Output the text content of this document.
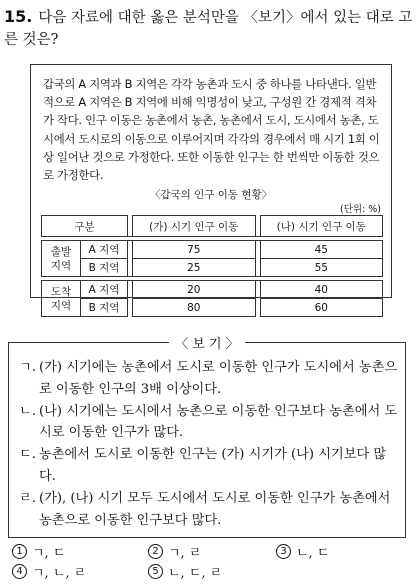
15. 다음 자료에 대한 옳은 분석만을 〈보기〉에서 있는 대로 고른 것은?
갑국의 A 지역과 B 지역은 각각 농촌과 도시 중 하나를 나타낸다. 일반적으로 A 지역은 B 지역에 비해 익명성이 낮고, 구성원 간 경제적 격차가 작다. 인구 이동은 농촌에서 농촌, 농촌에서 도시, 도시에서 농촌, 도시에서 도시로의 이동으로 이루어지며 각각의 경우에서 매 시기 1회 이상 일어난 것으로 가정한다. 또한 이동한 인구는 한 번씩만 이동한 것으로 가정한다.
〈갑국의 인구 이동 현황〉
(단위: %)
구분			(가) 시기 인구 이동		(나) 시기 인구 이동

출발
지역	A 지역		75		45
	B 지역		25		55

도착
지역	A 지역		20		40
	B 지역		80		60
〈 보 기 〉
ㄱ. (가) 시기에는 농촌에서 도시로 이동한 인구가 도시에서 농촌으로 이동한 인구의 3배 이상이다.
ㄴ. (나) 시기에는 도시에서 농촌으로 이동한 인구보다 농촌에서 도시로 이동한 인구가 많다.
ㄷ. 농촌에서 도시로 이동한 인구는 (가) 시기가 (나) 시기보다 많다.
ㄹ. (가), (나) 시기 모두 도시에서 도시로 이동한 인구가 농촌에서 농촌으로 이동한 인구보다 많다.
1 ㄱ, ㄷ	2 ㄱ, ㄹ	3 ㄴ, ㄷ
4 ㄱ, ㄴ, ㄹ	5 ㄴ, ㄷ, ㄹ
